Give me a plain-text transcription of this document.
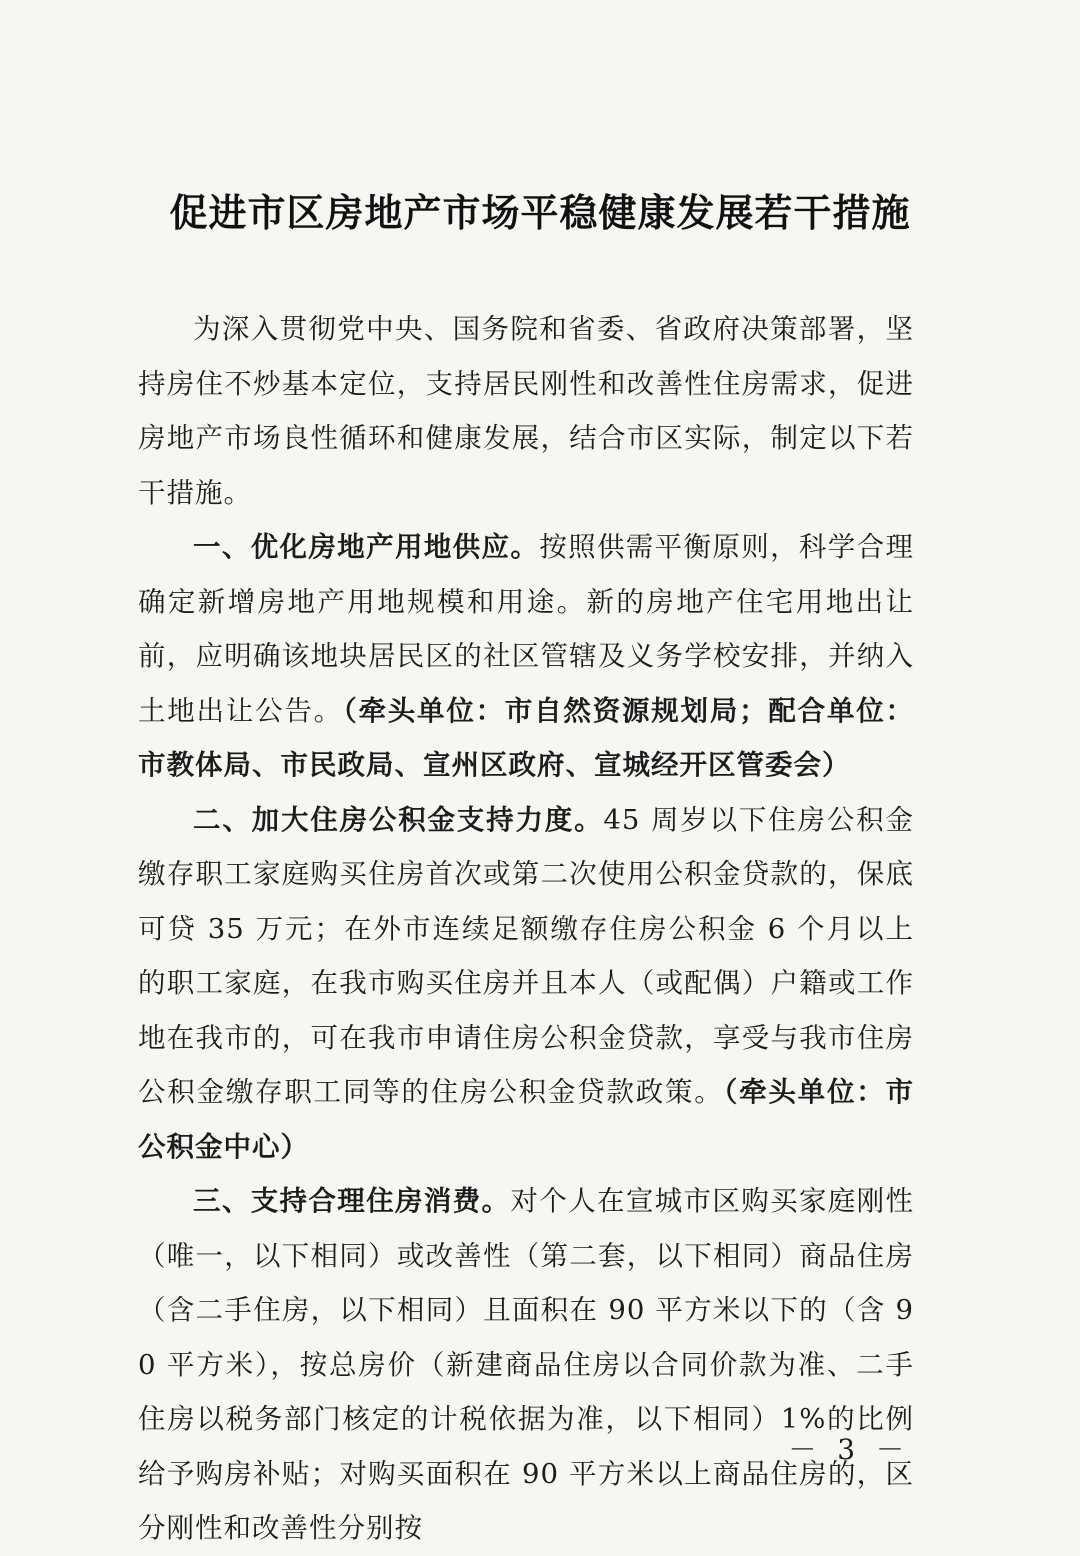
促进市区房地产市场平稳健康发展若干措施

为深入贯彻党中央、国务院和省委、省政府决策部署，坚持房住不炒基本定位，支持居民刚性和改善性住房需求，促进房地产市场良性循环和健康发展，结合市区实际，制定以下若干措施。

一、优化房地产用地供应。按照供需平衡原则，科学合理确定新增房地产用地规模和用途。新的房地产住宅用地出让前，应明确该地块居民区的社区管辖及义务学校安排，并纳入土地出让公告。（牵头单位：市自然资源规划局；配合单位：市教体局、市民政局、宣州区政府、宣城经开区管委会）

二、加大住房公积金支持力度。45 周岁以下住房公积金缴存职工家庭购买住房首次或第二次使用公积金贷款的，保底可贷 35 万元；在外市连续足额缴存住房公积金 6 个月以上的职工家庭，在我市购买住房并且本人（或配偶）户籍或工作地在我市的，可在我市申请住房公积金贷款，享受与我市住房公积金缴存职工同等的住房公积金贷款政策。（牵头单位：市公积金中心）

三、支持合理住房消费。对个人在宣城市区购买家庭刚性（唯一，以下相同）或改善性（第二套，以下相同）商品住房（含二手住房，以下相同）且面积在 90 平方米以下的（含 90 平方米），按总房价（新建商品住房以合同价款为准、二手住房以税务部门核定的计税依据为准，以下相同）1%的比例给予购房补贴；对购买面积在 90 平方米以上商品住房的，区分刚性和改善性分别按

－ 3 －
